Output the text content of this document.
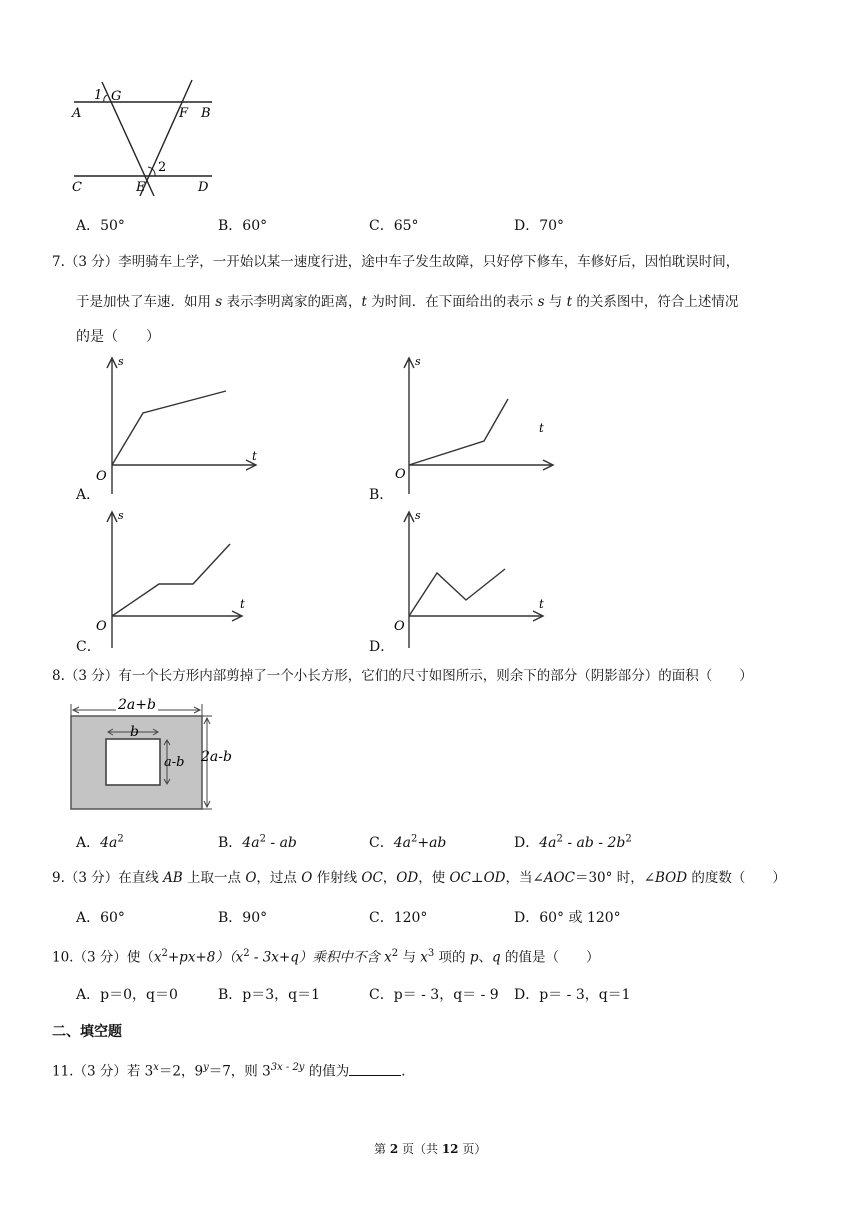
1 G
A	F B
2
C	E	D
A．50°	B．60°	C．65°	D．70°
7.（3 分）李明骑车上学，一开始以某一速度行进，途中车子发生故障，只好停下修车，车修好后，因怕耽误时间，
于是加快了车速．如用 s 表示李明离家的距离，t 为时间．在下面给出的表示 s 与 t 的关系图中，符合上述情况
的是（　　）
s
t
O
A．
s
t
O
B．
s
t
O
C．
s
t
O
D．
8.（3 分）有一个长方形内部剪掉了一个小长方形，它们的尺寸如图所示，则余下的部分（阴影部分）的面积（　　）
2a+b
b
a-b 2a-b
A．$4a^2$	B．$4a^2$ - ab	C．$4a^2+ab$	D．$4a^2$ - ab - $2b^2$
9.（3 分）在直线 AB 上取一点 O，过点 O 作射线 OC，OD，使 OC⊥OD，当∠AOC＝30° 时，∠BOD 的度数（　　）
A．60°	B．90°	C．120°	D．60° 或 120°
10.（3 分）使$(x^2+px+8)(x^2 - 3x+q)$乘积中不含 $x^2$ 与 $x^3$ 项的 p、q 的值是（　　）
A．p＝0，q＝0	B．p＝3，q＝1	C．p＝ - 3，q＝ - 9 D．p＝ - 3，q＝1
二、填空题
11.（3 分）若 $3^x=2$，$9^y=7$，则 $3^{3x - 2y}$ 的值为	．
第 2 页（共 12 页）
